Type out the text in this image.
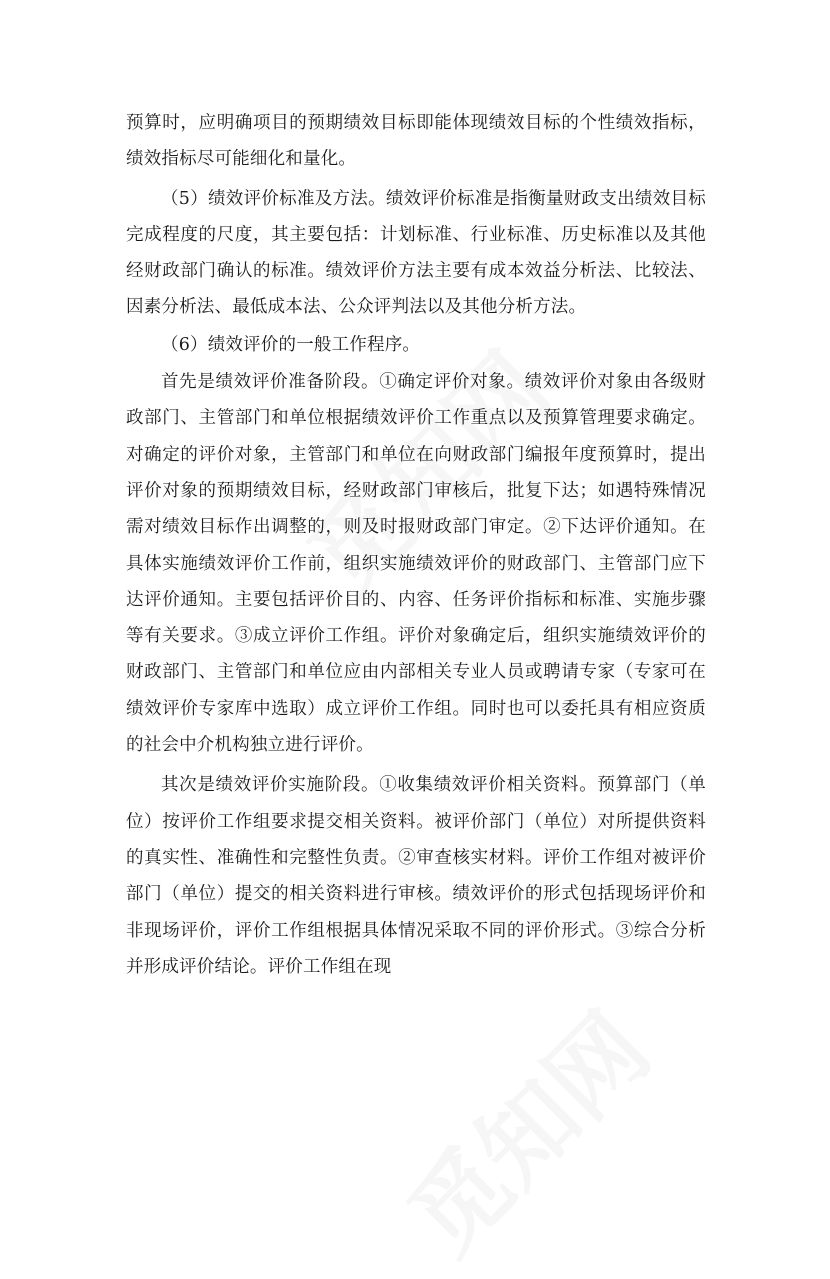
预算时，应明确项目的预期绩效目标即能体现绩效目标的个性绩效指标，绩效指标尽可能细化和量化。

（5）绩效评价标准及方法。绩效评价标准是指衡量财政支出绩效目标完成程度的尺度，其主要包括：计划标准、行业标准、历史标准以及其他经财政部门确认的标准。绩效评价方法主要有成本效益分析法、比较法、因素分析法、最低成本法、公众评判法以及其他分析方法。

（6）绩效评价的一般工作程序。

首先是绩效评价准备阶段。①确定评价对象。绩效评价对象由各级财政部门、主管部门和单位根据绩效评价工作重点以及预算管理要求确定。对确定的评价对象，主管部门和单位在向财政部门编报年度预算时，提出评价对象的预期绩效目标，经财政部门审核后，批复下达；如遇特殊情况需对绩效目标作出调整的，则及时报财政部门审定。②下达评价通知。在具体实施绩效评价工作前，组织实施绩效评价的财政部门、主管部门应下达评价通知。主要包括评价目的、内容、任务评价指标和标准、实施步骤等有关要求。③成立评价工作组。评价对象确定后，组织实施绩效评价的财政部门、主管部门和单位应由内部相关专业人员或聘请专家（专家可在绩效评价专家库中选取）成立评价工作组。同时也可以委托具有相应资质的社会中介机构独立进行评价。

其次是绩效评价实施阶段。①收集绩效评价相关资料。预算部门（单位）按评价工作组要求提交相关资料。被评价部门（单位）对所提供资料的真实性、准确性和完整性负责。②审查核实材料。评价工作组对被评价部门（单位）提交的相关资料进行审核。绩效评价的形式包括现场评价和非现场评价，评价工作组根据具体情况采取不同的评价形式。③综合分析并形成评价结论。评价工作组在现
